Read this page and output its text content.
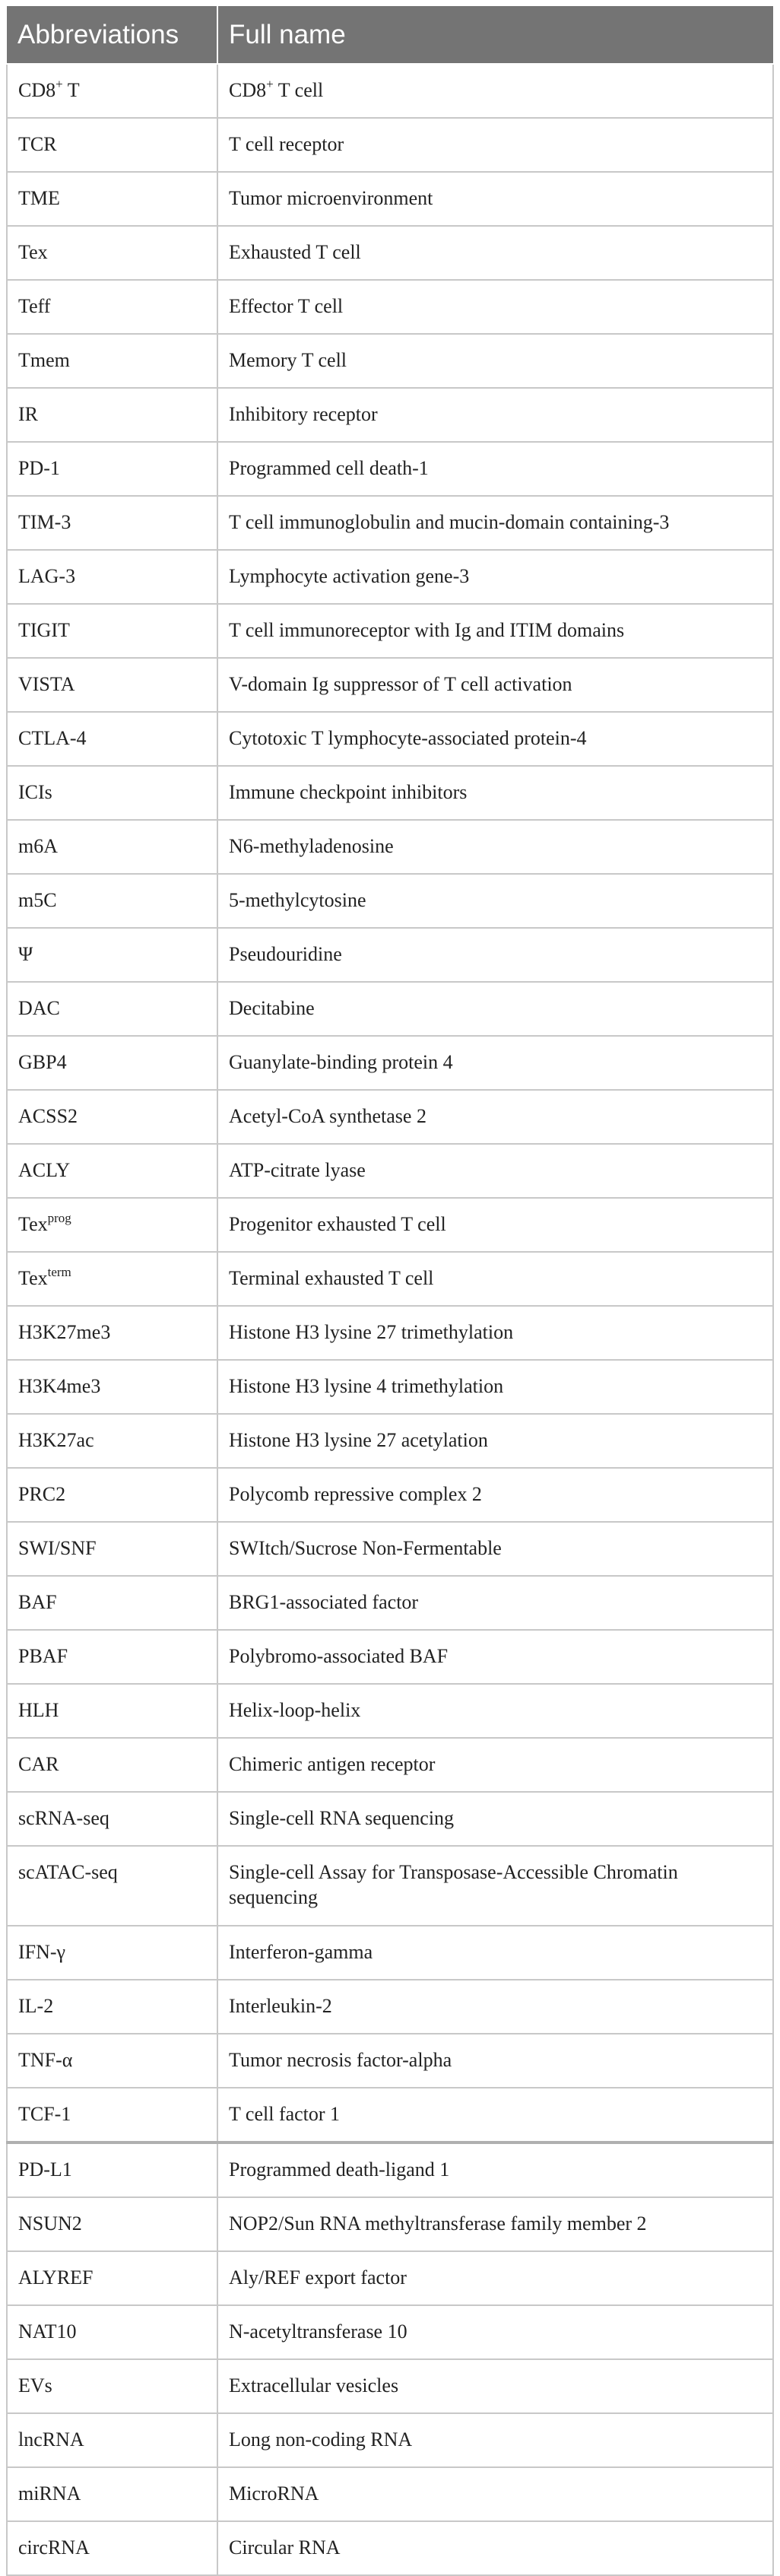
Abbreviations	Full name
CD8+ T	CD8+ T cell
TCR	T cell receptor
TME	Tumor microenvironment
Tex	Exhausted T cell
Teff	Effector T cell
Tmem	Memory T cell
IR	Inhibitory receptor
PD-1	Programmed cell death-1
TIM-3	T cell immunoglobulin and mucin-domain containing-3
LAG-3	Lymphocyte activation gene-3
TIGIT	T cell immunoreceptor with Ig and ITIM domains
VISTA	V-domain Ig suppressor of T cell activation
CTLA-4	Cytotoxic T lymphocyte-associated protein-4
ICIs	Immune checkpoint inhibitors
m6A	N6-methyladenosine
m5C	5-methylcytosine
Ψ	Pseudouridine
DAC	Decitabine
GBP4	Guanylate-binding protein 4
ACSS2	Acetyl-CoA synthetase 2
ACLY	ATP-citrate lyase
Tex$^{prog}$	Progenitor exhausted T cell
Tex$^{term}$	Terminal exhausted T cell
H3K27me3	Histone H3 lysine 27 trimethylation
H3K4me3	Histone H3 lysine 4 trimethylation
H3K27ac	Histone H3 lysine 27 acetylation
PRC2	Polycomb repressive complex 2
SWI/SNF	SWItch/Sucrose Non-Fermentable
BAF	BRG1-associated factor
PBAF	Polybromo-associated BAF
HLH	Helix-loop-helix
CAR	Chimeric antigen receptor
scRNA-seq	Single-cell RNA sequencing
scATAC-seq	Single-cell Assay for Transposase-Accessible Chromatin sequencing
IFN-γ	Interferon-gamma
IL-2	Interleukin-2
TNF-α	Tumor necrosis factor-alpha
TCF-1	T cell factor 1
PD-L1	Programmed death-ligand 1
NSUN2	NOP2/Sun RNA methyltransferase family member 2
ALYREF	Aly/REF export factor
NAT10	N-acetyltransferase 10
EVs	Extracellular vesicles
lncRNA	Long non-coding RNA
miRNA	MicroRNA
circRNA	Circular RNA
